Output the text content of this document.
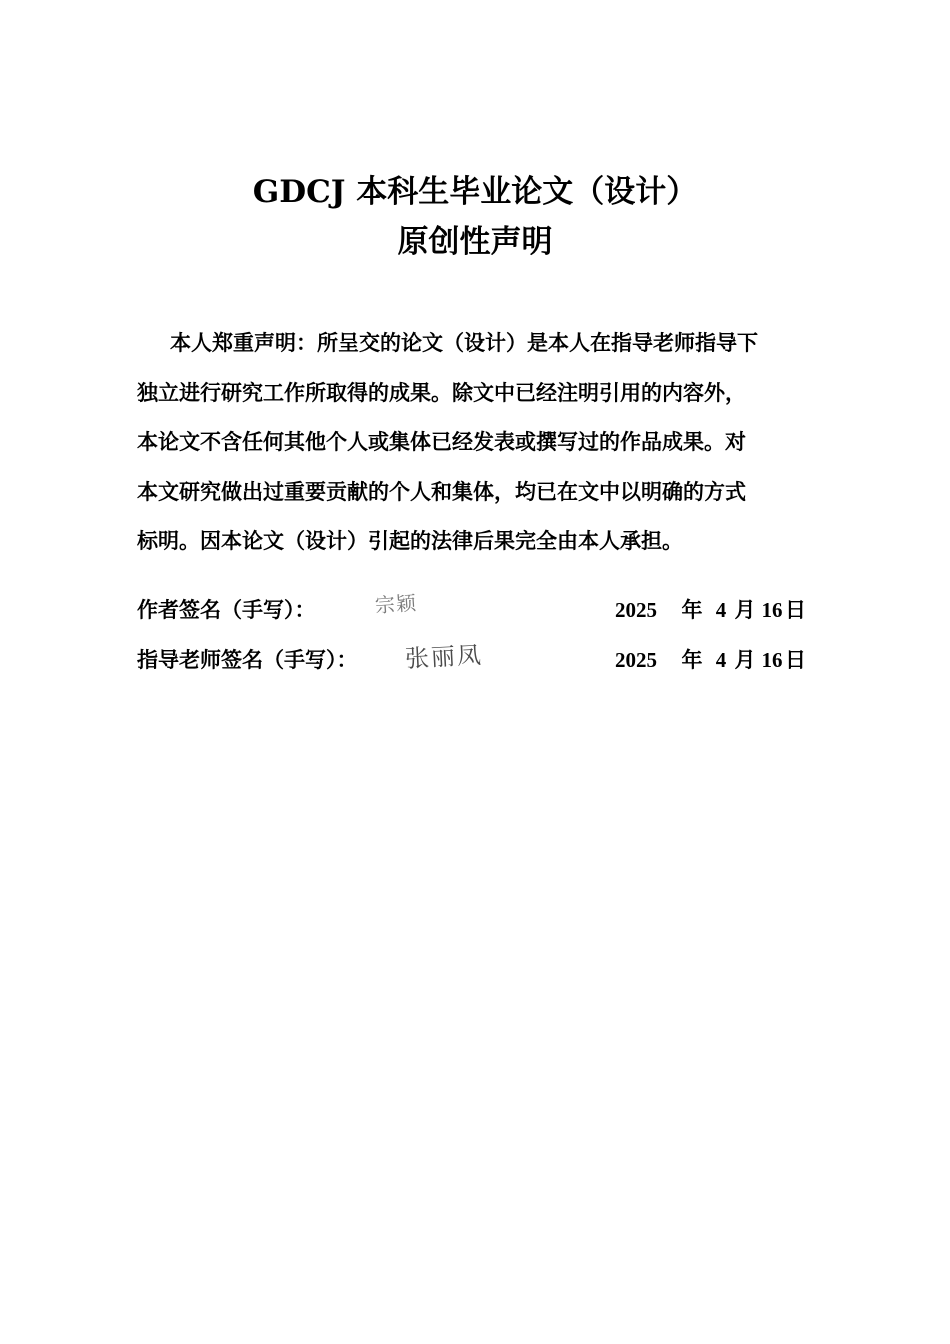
GDCJ 本科生毕业论文（设计）
原创性声明
本人郑重声明：所呈交的论文（设计）是本人在指导老师指导下
独立进行研究工作所取得的成果。除文中已经注明引用的内容外，
本论文不含任何其他个人或集体已经发表或撰写过的作品成果。对
本文研究做出过重要贡献的个人和集体，均已在文中以明确的方式
标明。因本论文（设计）引起的法律后果完全由本人承担。
作者签名（手写）：	宗颖	2025 年 4 月 16 日
指导老师签名（手写）： 张丽凤	2025 年 4 月 16 日
